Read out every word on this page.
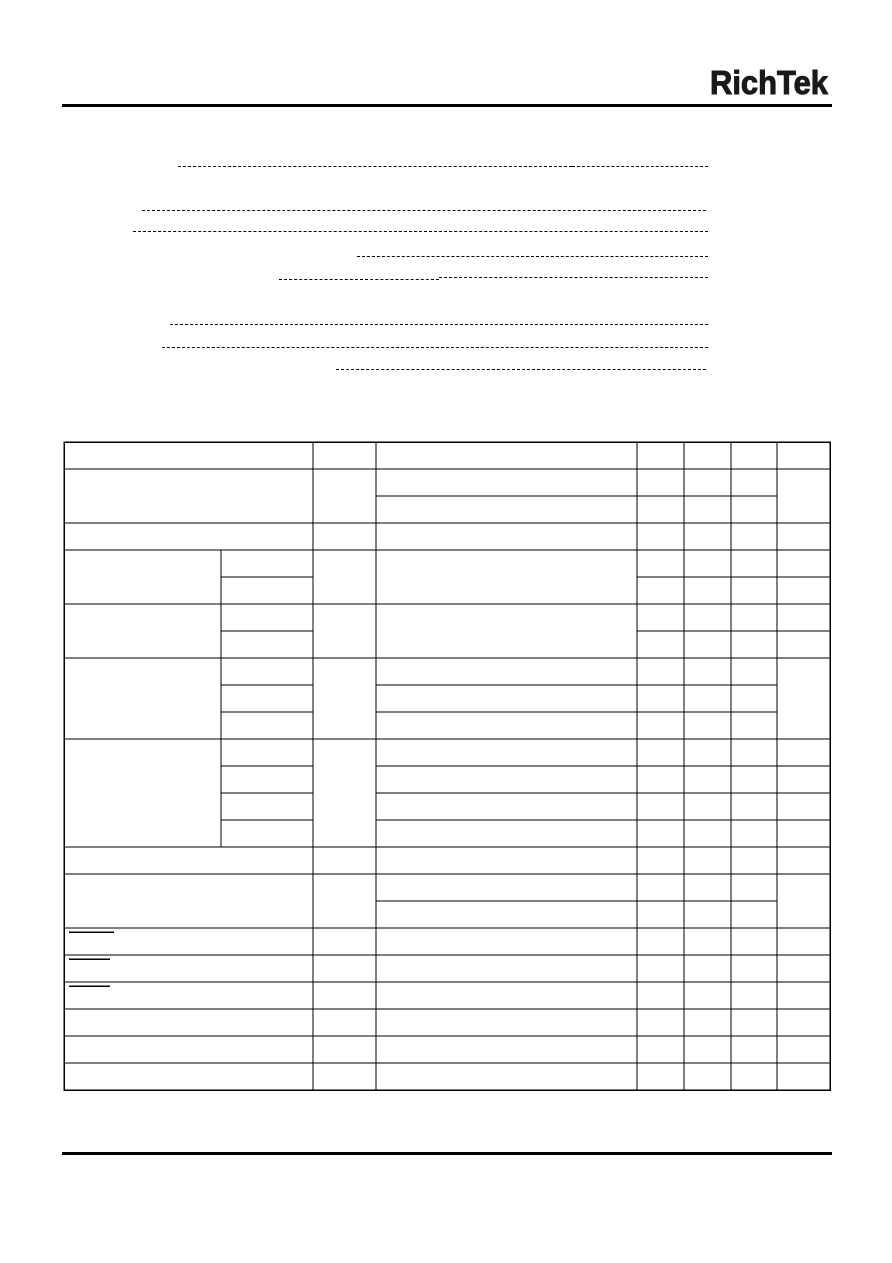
RichTek
